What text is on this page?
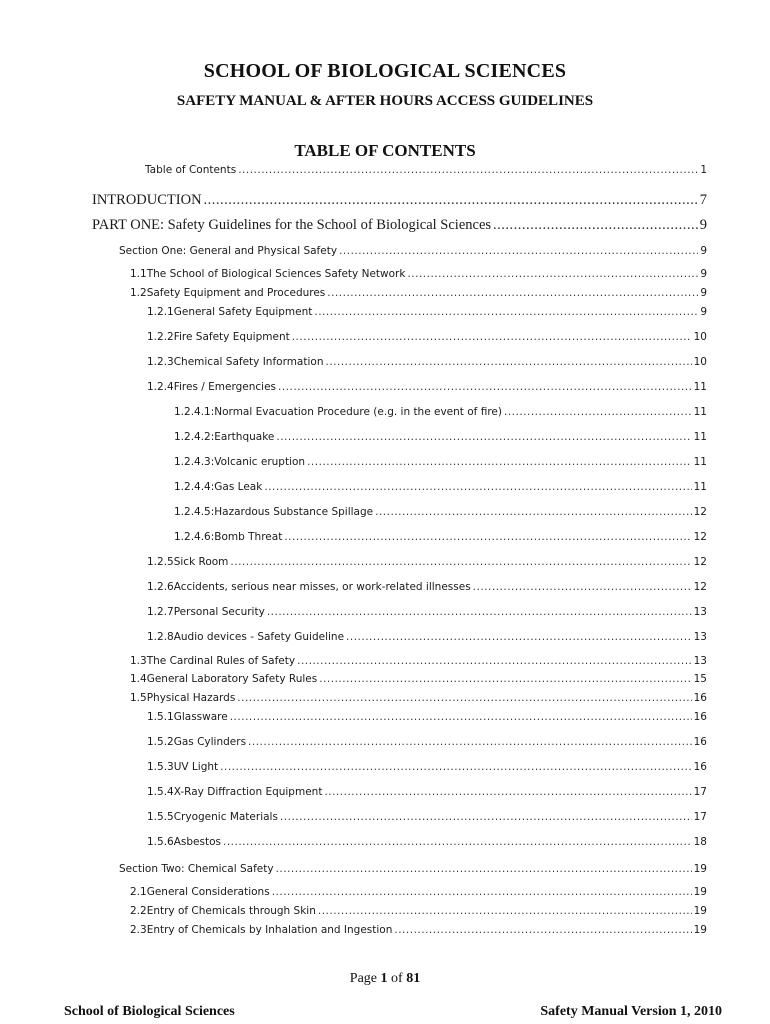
SCHOOL OF BIOLOGICAL SCIENCES
SAFETY MANUAL & AFTER HOURS ACCESS GUIDELINES
TABLE OF CONTENTS
Table of Contents .....	1
INTRODUCTION .....	7
PART ONE: Safety Guidelines for the School of Biological Sciences .....	9
Section One: General and Physical Safety .....	9
1.1 The School of Biological Sciences Safety Network .....	9
1.2 Safety Equipment and Procedures .....	9
1.2.1 General Safety Equipment .....	9
1.2.2 Fire Safety Equipment .....	10
1.2.3 Chemical Safety Information .....	10
1.2.4 Fires / Emergencies .....	11
1.2.4.1: Normal Evacuation Procedure (e.g. in the event of fire) .....	11
1.2.4.2: Earthquake .....	11
1.2.4.3: Volcanic eruption .....	11
1.2.4.4: Gas Leak .....	11
1.2.4.5: Hazardous Substance Spillage .....	12
1.2.4.6: Bomb Threat .....	12
1.2.5 Sick Room .....	12
1.2.6 Accidents, serious near misses, or work-related illnesses .....	12
1.2.7 Personal Security .....	13
1.2.8 Audio devices - Safety Guideline .....	13
1.3 The Cardinal Rules of Safety .....	13
1.4 General Laboratory Safety Rules .....	15
1.5 Physical Hazards .....	16
1.5.1 Glassware .....	16
1.5.2 Gas Cylinders .....	16
1.5.3 UV Light .....	16
1.5.4 X-Ray Diffraction Equipment .....	17
1.5.5 Cryogenic Materials .....	17
1.5.6 Asbestos .....	18
Section Two: Chemical Safety .....	19
2.1 General Considerations .....	19
2.2 Entry of Chemicals through Skin .....	19
2.3 Entry of Chemicals by Inhalation and Ingestion .....	19
Page 1 of 81
School of Biological Sciences	Safety Manual Version 1, 2010
